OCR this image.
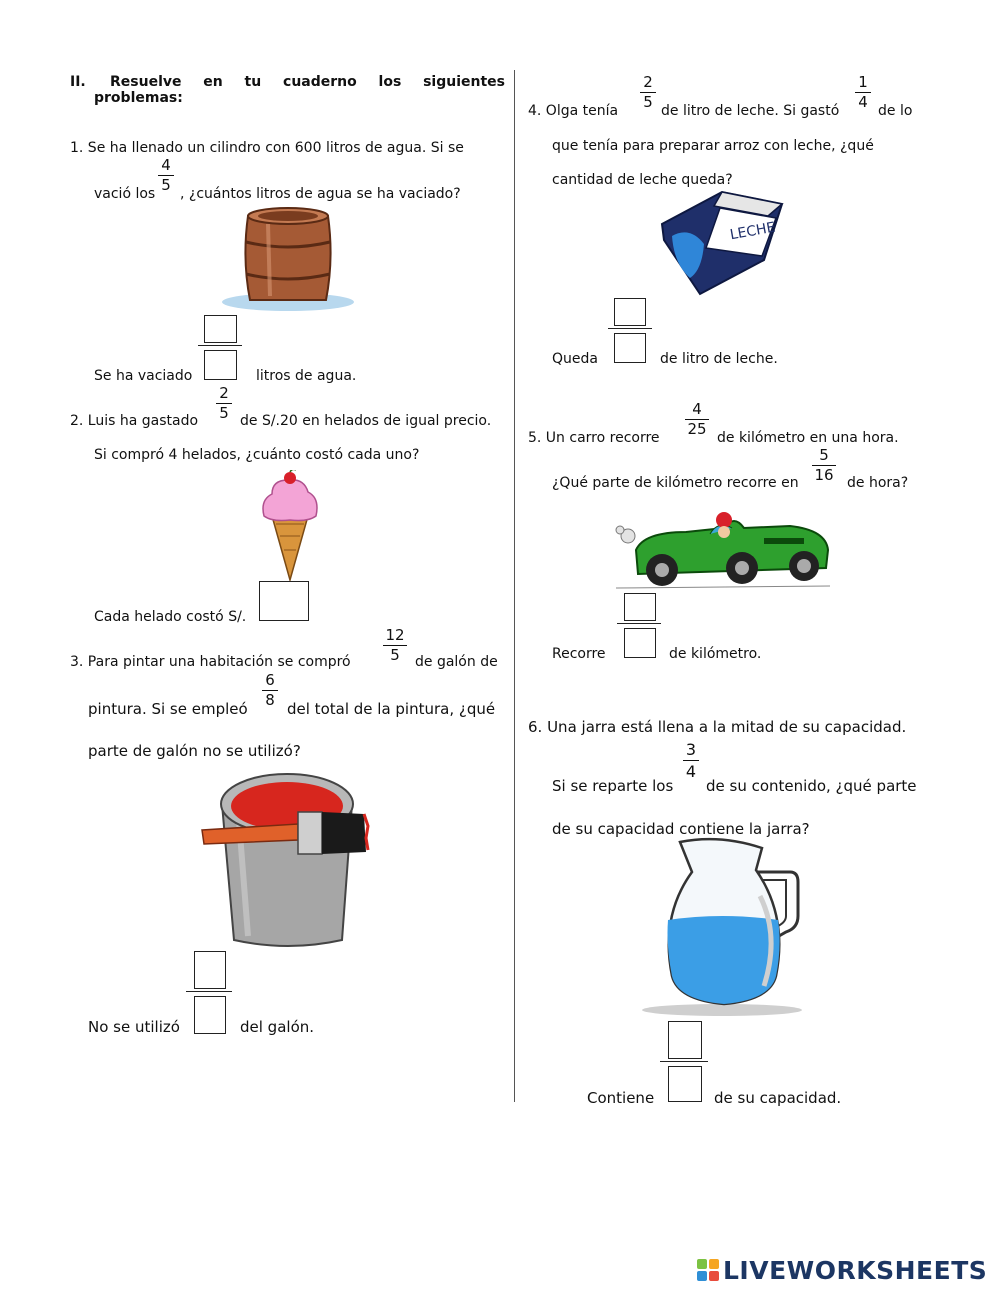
II. Resuelve en tu cuaderno los siguientes
problemas:
1. Se ha llenado un cilindro con 600 litros de agua. Si se
vació los
4
5 , ¿cuántos litros de agua se ha vaciado?
Se ha vaciado	litros de agua.
2. Luis ha gastado
2
5 de S/.20 en helados de igual precio.
Si compró 4 helados, ¿cuánto costó cada uno?
Cada helado costó S/.
3. Para pintar una habitación se compró
12
5	de galón de
pintura. Si se empleó
6
8 del total de la pintura, ¿qué
parte de galón no se utilizó?
No se utilizó	del galón.
4. Olga tenía
2
5 de litro de leche. Si gastó
1
4 de lo
que tenía para preparar arroz con leche, ¿qué
cantidad de leche queda?
LECHE
Queda	de litro de leche.
5. Un carro recorre
4
25 de kilómetro en una hora.
¿Qué parte de kilómetro recorre en
5
16 de hora?
Recorre	de kilómetro.
6. Una jarra está llena a la mitad de su capacidad.
Si se reparte los
3
4
de su contenido, ¿qué parte
de su capacidad contiene la jarra?
Contiene	de su capacidad.
LIVEWORKSHEETS
